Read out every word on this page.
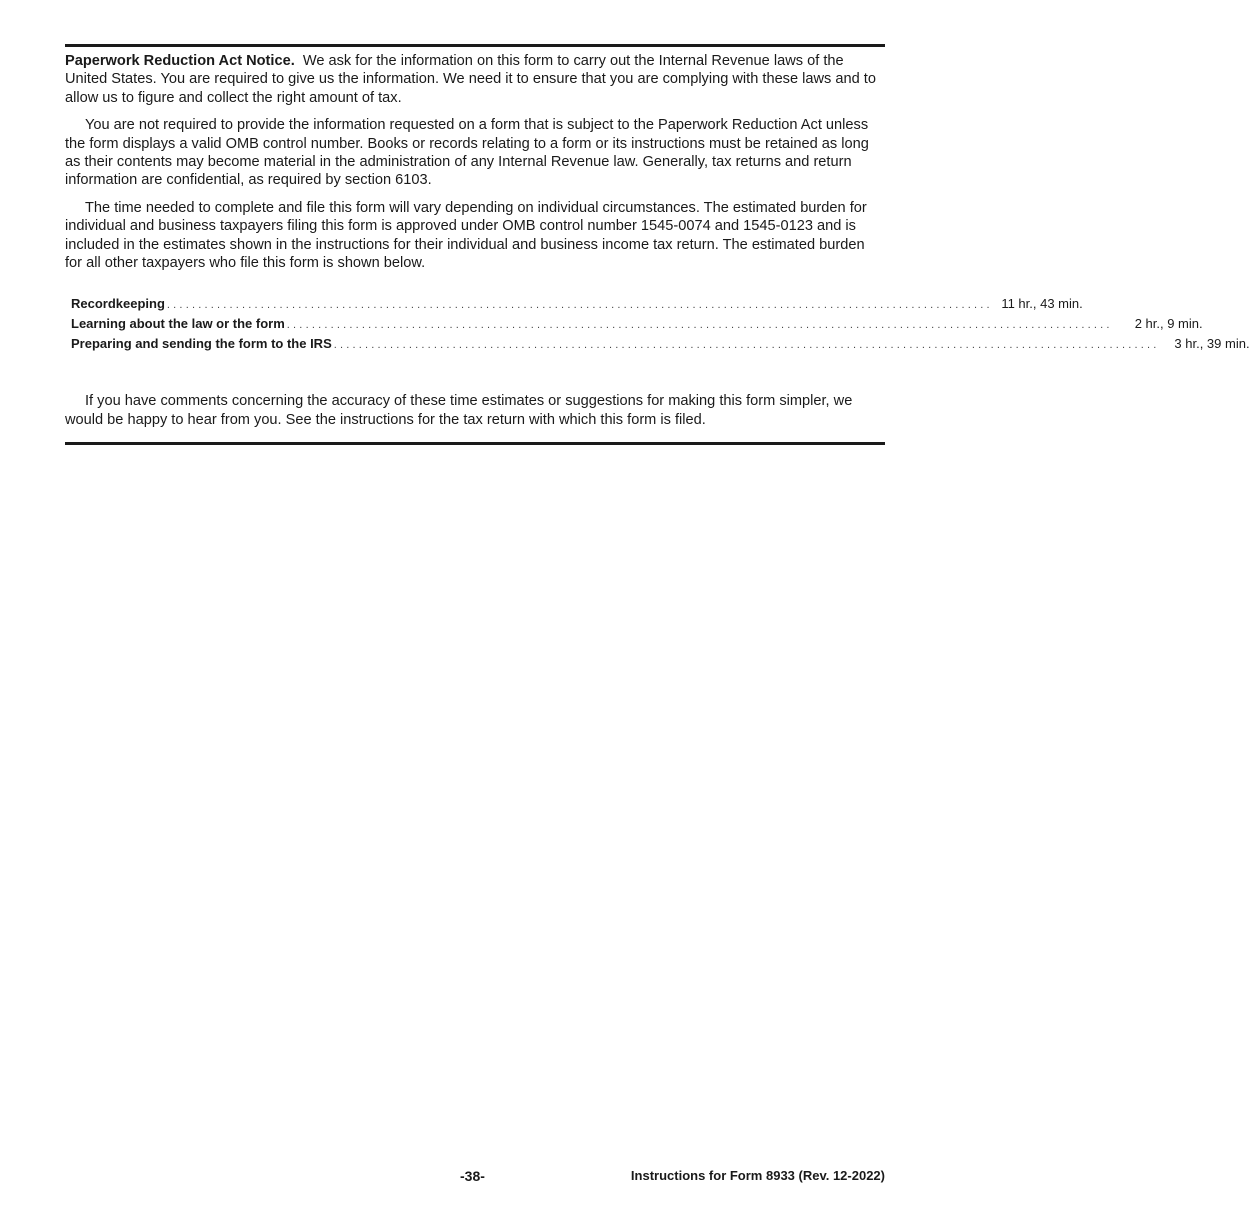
Paperwork Reduction Act Notice. We ask for the information on this form to carry out the Internal Revenue laws of the United States. You are required to give us the information. We need it to ensure that you are complying with these laws and to allow us to figure and collect the right amount of tax.

You are not required to provide the information requested on a form that is subject to the Paperwork Reduction Act unless the form displays a valid OMB control number. Books or records relating to a form or its instructions must be retained as long as their contents may become material in the administration of any Internal Revenue law. Generally, tax returns and return information are confidential, as required by section 6103.

The time needed to complete and file this form will vary depending on individual circumstances. The estimated burden for individual and business taxpayers filing this form is approved under OMB control number 1545-0074 and 1545-0123 and is included in the estimates shown in the instructions for their individual and business income tax return. The estimated burden for all other taxpayers who file this form is shown below.

Recordkeeping .................................................................................................................................... 11 hr., 43 min.
Learning about the law or the form ....................................................................................................................................	2 hr., 9 min.
Preparing and sending the form to the IRS ....................................................................................................................................	3 hr., 39 min.

If you have comments concerning the accuracy of these time estimates or suggestions for making this form simpler, we would be happy to hear from you. See the instructions for the tax return with which this form is filed.

-38-	Instructions for Form 8933 (Rev. 12-2022)
